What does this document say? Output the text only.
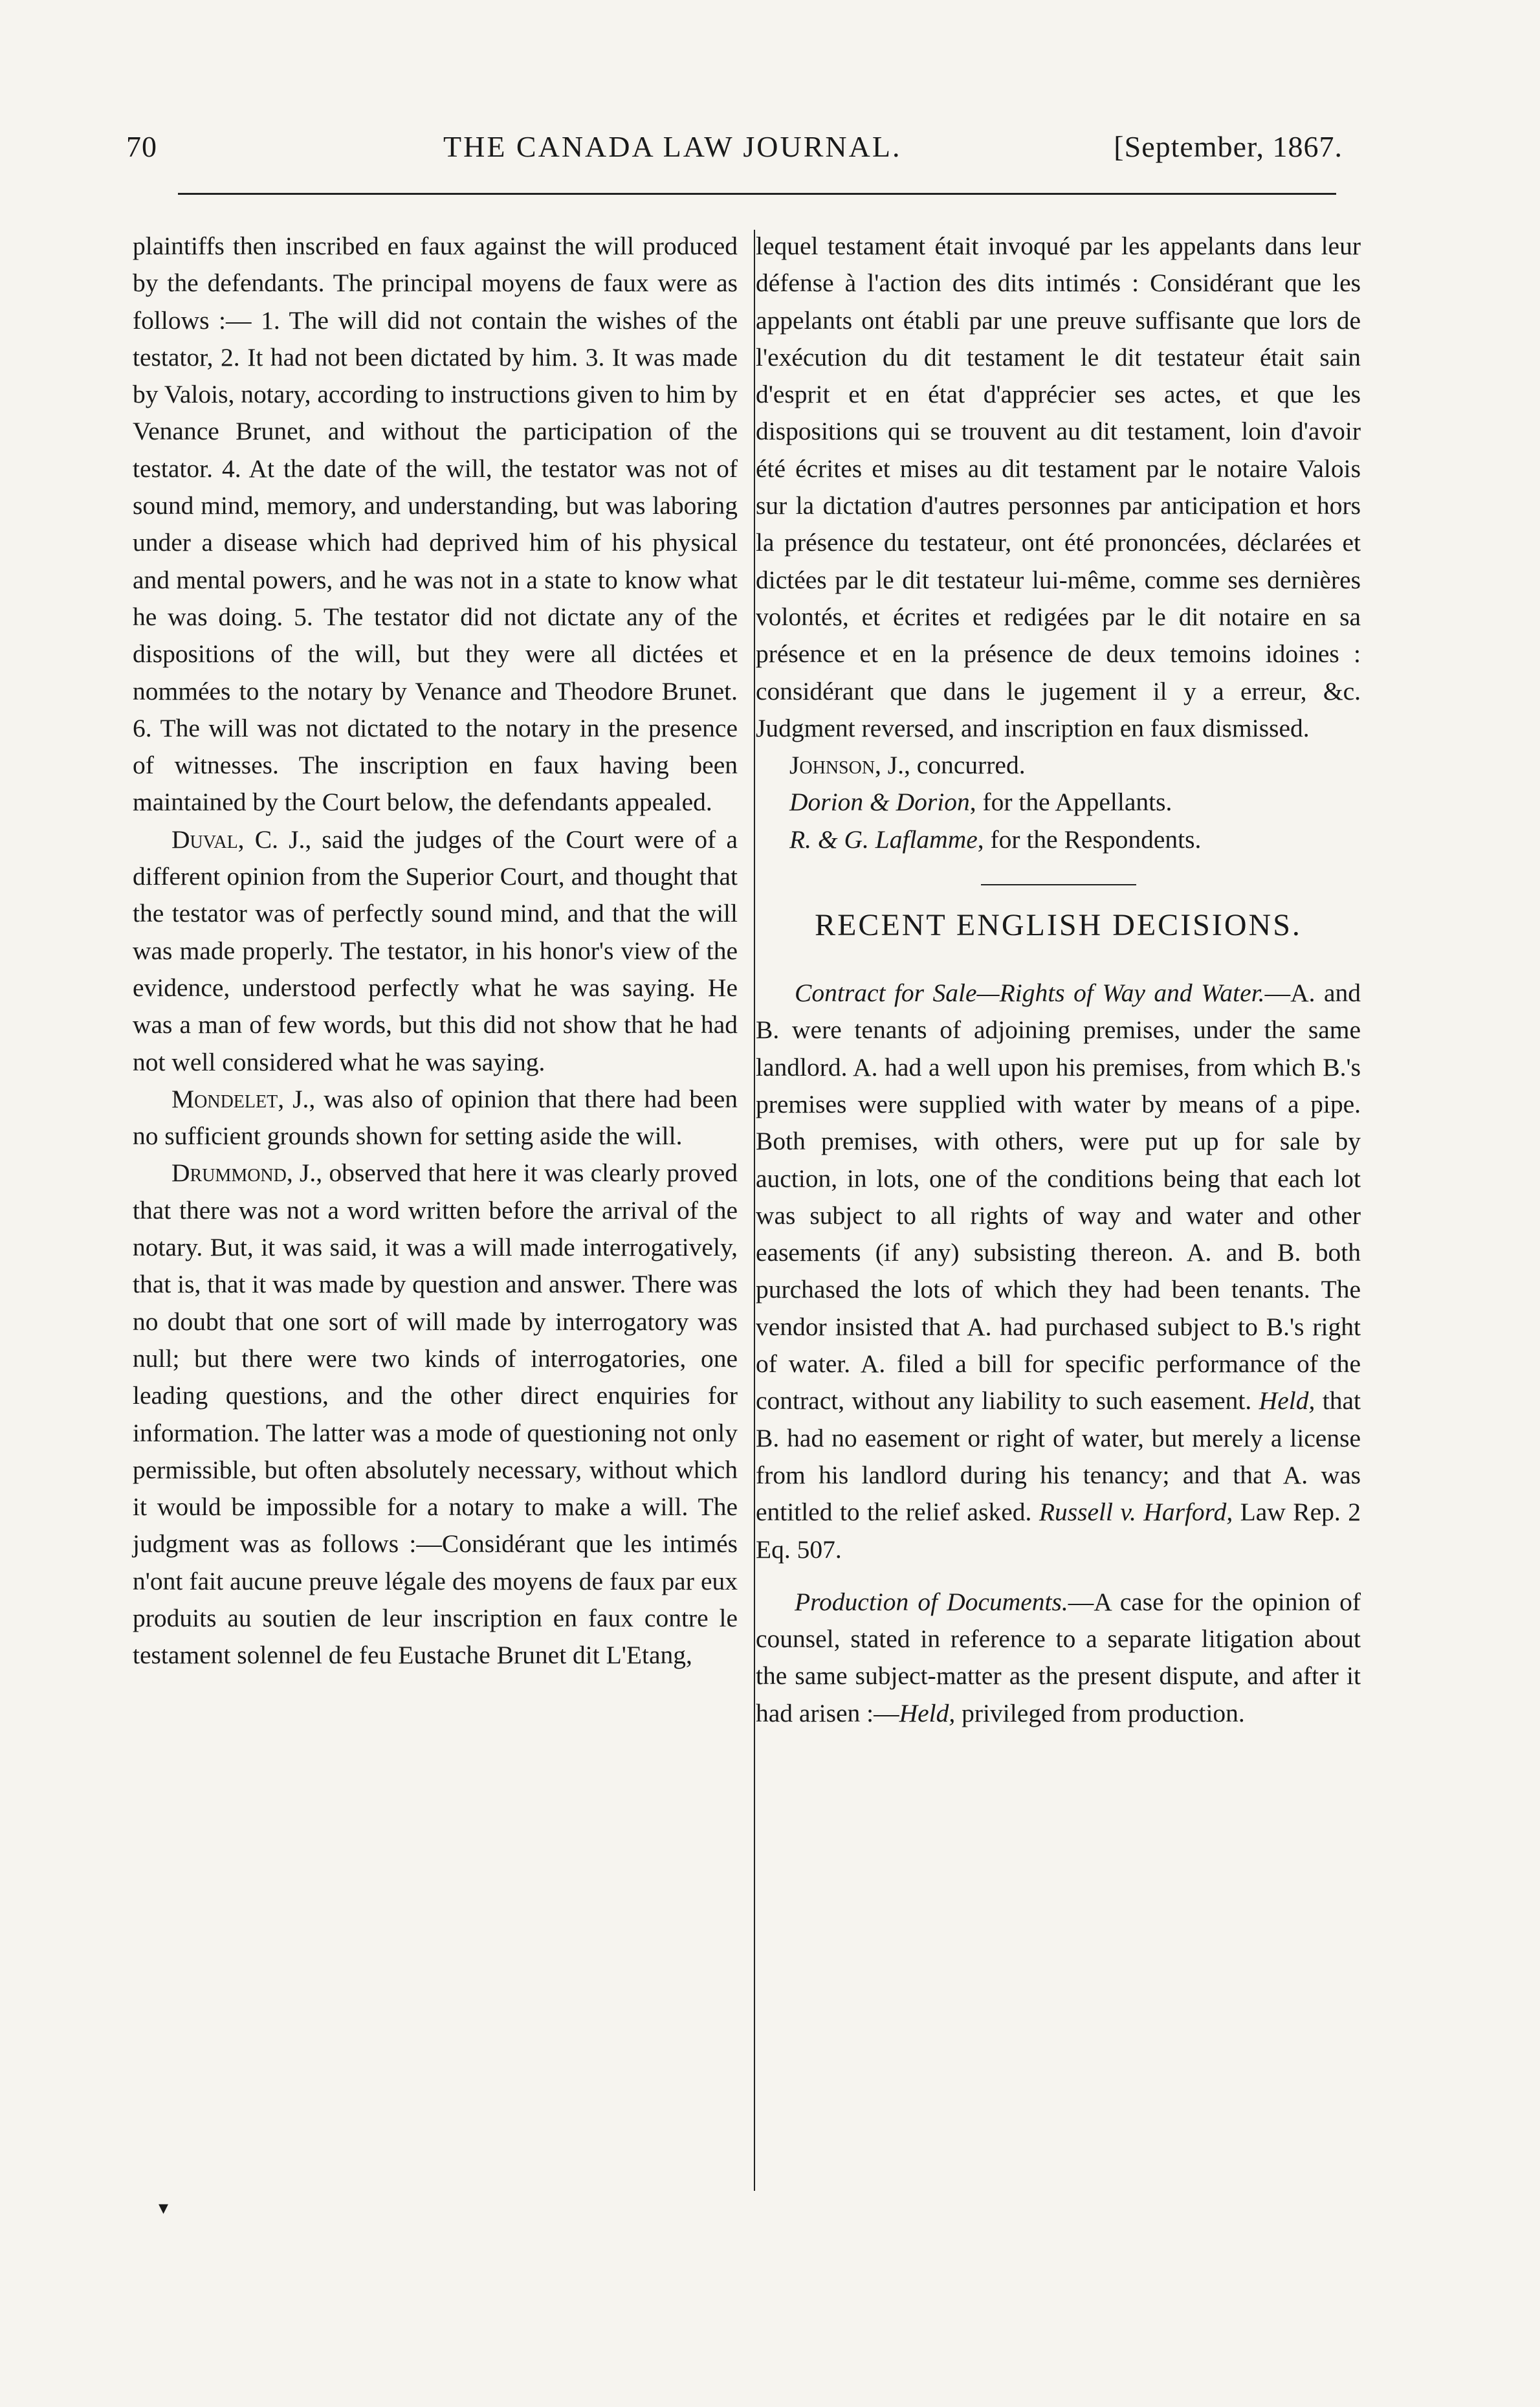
70	THE CANADA LAW JOURNAL.	[September, 1867.

plaintiffs then inscribed en faux against the will produced by the defendants. The principal moyens de faux were as follows :— 1. The will did not contain the wishes of the testator, 2. It had not been dictated by him. 3. It was made by Valois, notary, according to instructions given to him by Venance Brunet, and without the participation of the testator. 4. At the date of the will, the testator was not of sound mind, memory, and understanding, but was laboring under a disease which had deprived him of his physical and mental powers, and he was not in a state to know what he was doing. 5. The testator did not dictate any of the dispositions of the will, but they were all dictées et nommées to the notary by Venance and Theodore Brunet. 6. The will was not dictated to the notary in the presence of witnesses. The inscription en faux having been maintained by the Court below, the defendants appealed.

Duval, C. J., said the judges of the Court were of a different opinion from the Superior Court, and thought that the testator was of perfectly sound mind, and that the will was made properly. The testator, in his honor's view of the evidence, understood perfectly what he was saying. He was a man of few words, but this did not show that he had not well considered what he was saying.

Mondelet, J., was also of opinion that there had been no sufficient grounds shown for setting aside the will.

Drummond, J., observed that here it was clearly proved that there was not a word written before the arrival of the notary. But, it was said, it was a will made interrogatively, that is, that it was made by question and answer. There was no doubt that one sort of will made by interrogatory was null; but there were two kinds of interrogatories, one leading questions, and the other direct enquiries for information. The latter was a mode of questioning not only permissible, but often absolutely necessary, without which it would be impossible for a notary to make a will. The judgment was as follows :—Considérant que les intimés n'ont fait aucune preuve légale des moyens de faux par eux produits au soutien de leur inscription en faux contre le testament solennel de feu Eustache Brunet dit L'Etang,

lequel testament était invoqué par les appelants dans leur défense à l'action des dits intimés : Considérant que les appelants ont établi par une preuve suffisante que lors de l'exécution du dit testament le dit testateur était sain d'esprit et en état d'apprécier ses actes, et que les dispositions qui se trouvent au dit testament, loin d'avoir été écrites et mises au dit testament par le notaire Valois sur la dictation d'autres personnes par anticipation et hors la présence du testateur, ont été prononcées, déclarées et dictées par le dit testateur lui-même, comme ses dernières volontés, et écrites et redigées par le dit notaire en sa présence et en la présence de deux temoins idoines : considérant que dans le jugement il y a erreur, &c. Judgment reversed, and inscription en faux dismissed.

Johnson, J., concurred.

Dorion & Dorion, for the Appellants.

R. & G. Laflamme, for the Respondents.

RECENT ENGLISH DECISIONS.

Contract for Sale—Rights of Way and Water.—A. and B. were tenants of adjoining premises, under the same landlord. A. had a well upon his premises, from which B.'s premises were supplied with water by means of a pipe. Both premises, with others, were put up for sale by auction, in lots, one of the conditions being that each lot was subject to all rights of way and water and other easements (if any) subsisting thereon. A. and B. both purchased the lots of which they had been tenants. The vendor insisted that A. had purchased subject to B.'s right of water. A. filed a bill for specific performance of the contract, without any liability to such easement. Held, that B. had no easement or right of water, but merely a license from his landlord during his tenancy; and that A. was entitled to the relief asked. Russell v. Harford, Law Rep. 2 Eq. 507.

Production of Documents.—A case for the opinion of counsel, stated in reference to a separate litigation about the same subject-matter as the present dispute, and after it had arisen :—Held, privileged from production.

▾
